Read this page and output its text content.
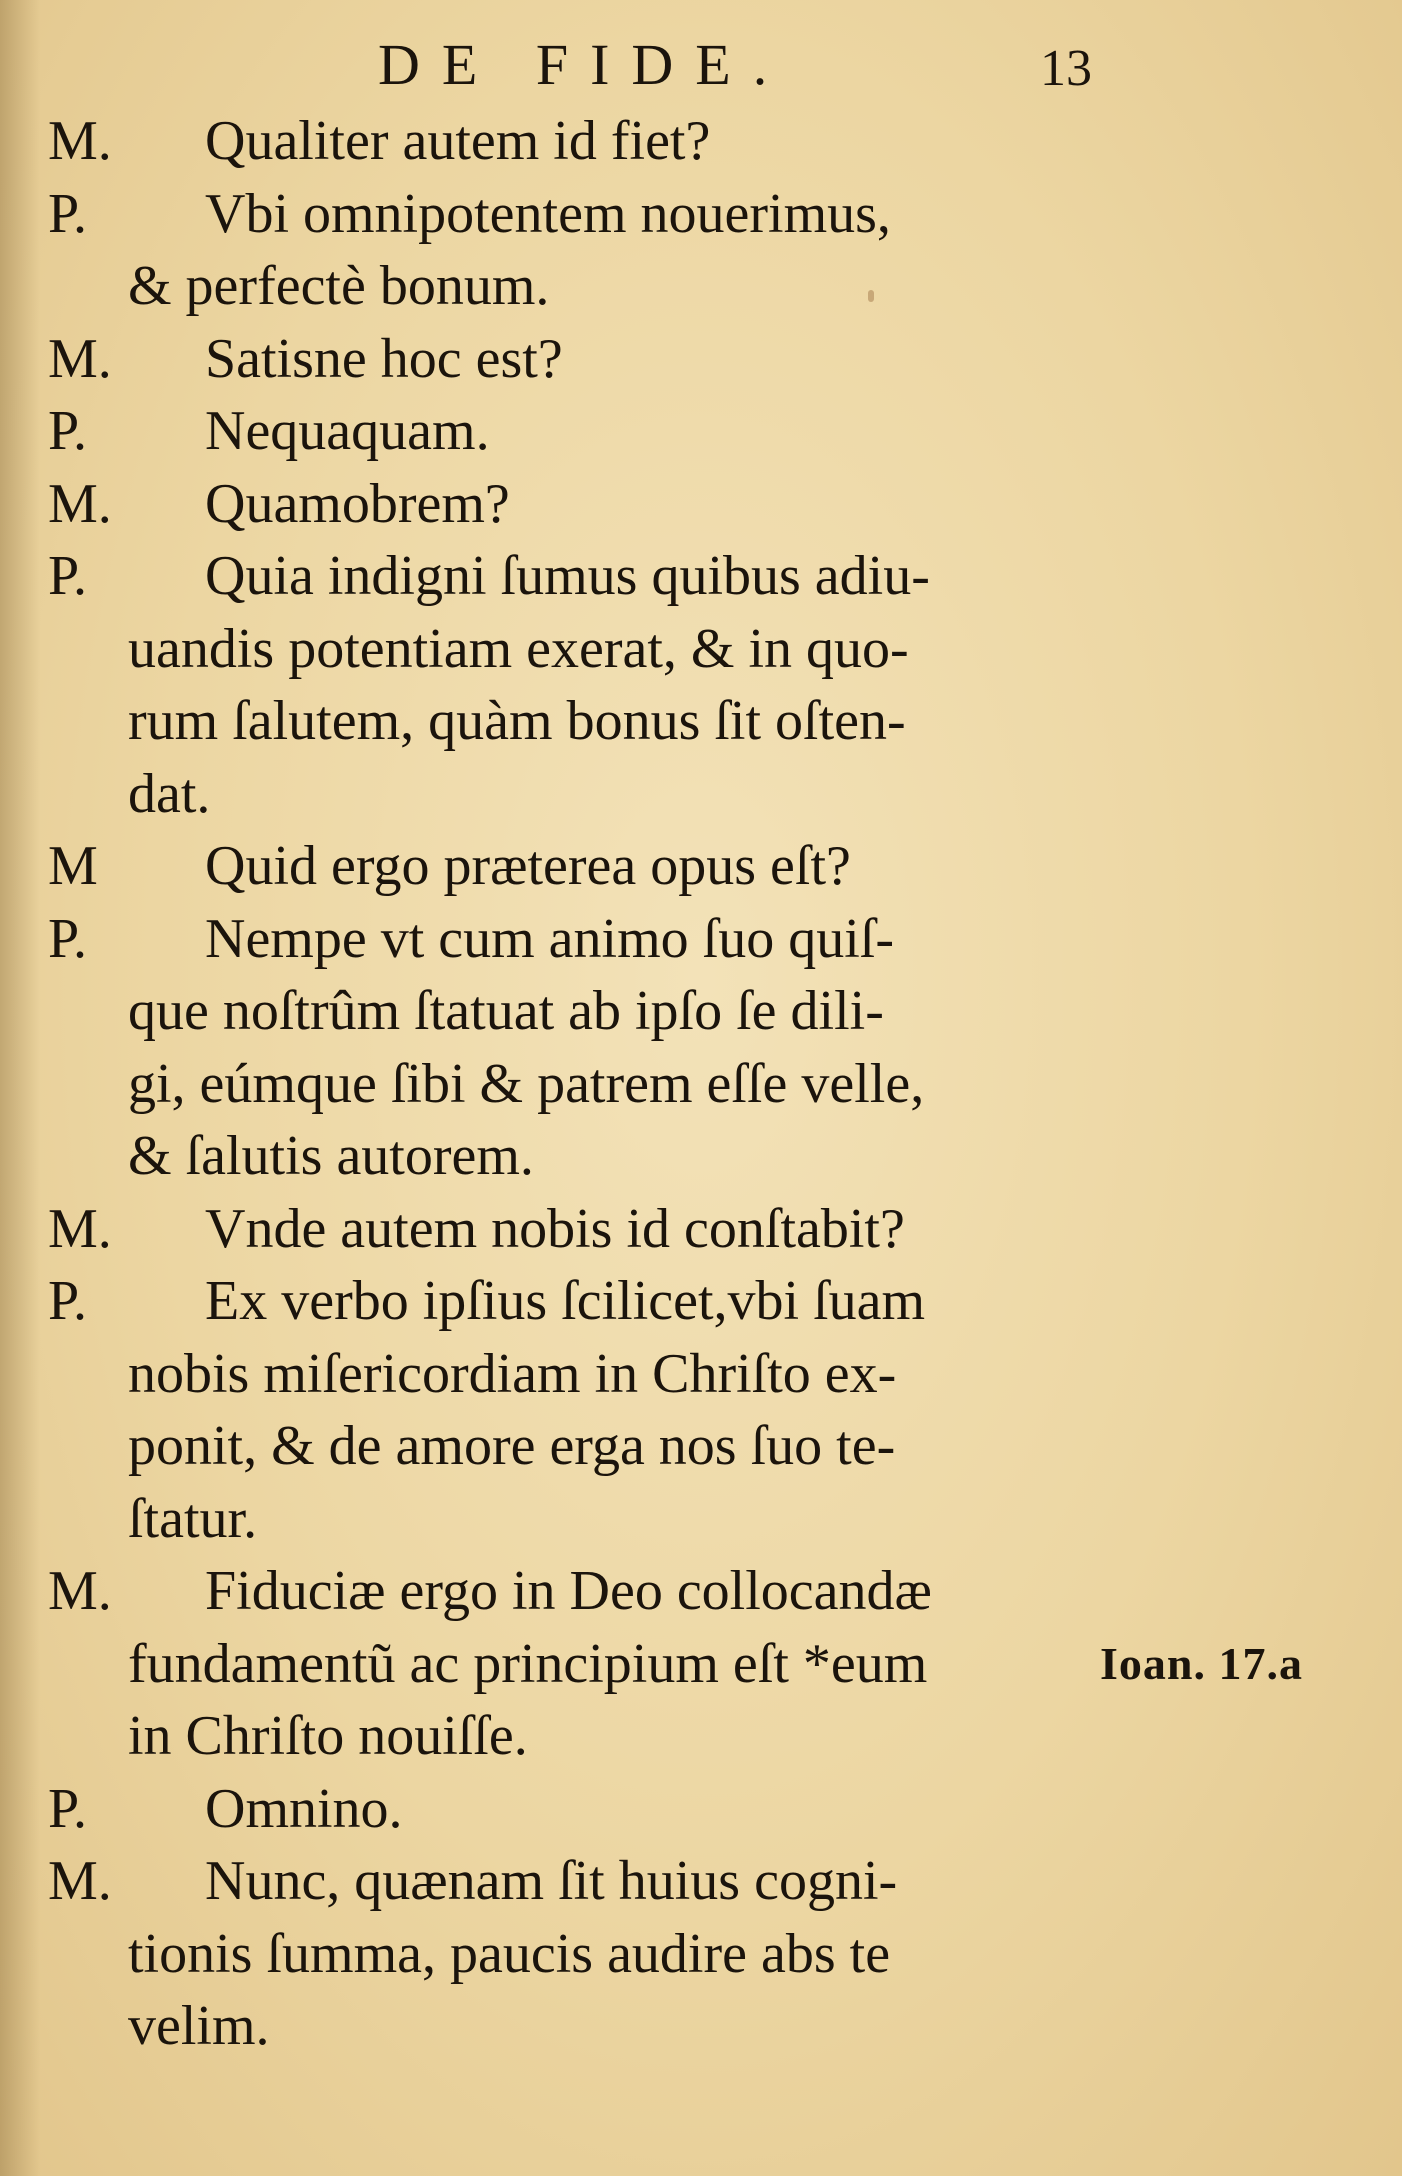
DE FIDE.	13
M. Qualiter autem id fiet?
P. Vbi omnipotentem nouerimus,
& perfectè bonum.
M. Satisne hoc est?
P. Nequaquam.
M. Quamobrem?
P. Quia indigni ſumus quibus adiu-
uandis potentiam exerat, & in quo-
rum ſalutem, quàm bonus ſit oſten-
dat.
M Quid ergo præterea opus eſt?
P. Nempe vt cum animo ſuo quiſ-
que noſtrûm ſtatuat ab ipſo ſe dili-
gi, eúmque ſibi & patrem eſſe velle,
& ſalutis autorem.
M. Vnde autem nobis id conſtabit?
P. Ex verbo ipſius ſcilicet,vbi ſuam
nobis miſericordiam in Chriſto ex-
ponit, & de amore erga nos ſuo te-
ſtatur.
M. Fiduciæ ergo in Deo collocandæ
fundamentũ ac principium eſt *eum	Ioan. 17.a
in Chriſto nouiſſe.
P. Omnino.
M. Nunc, quænam ſit huius cogni-
tionis ſumma, paucis audire abs te
velim.
